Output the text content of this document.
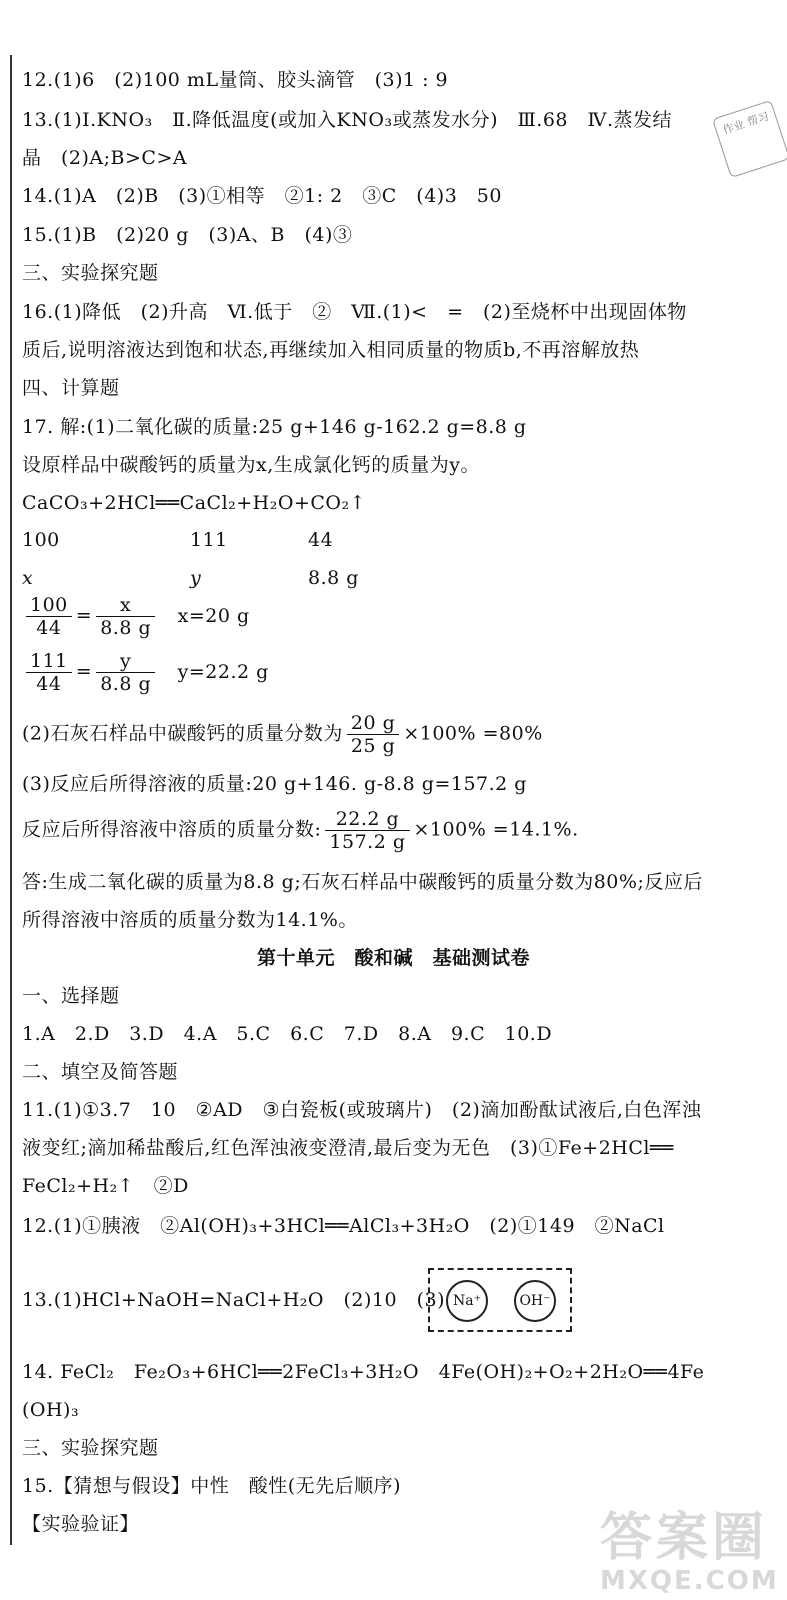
12.(1)6　(2)100 mL量筒、胶头滴管　(3)1 : 9
13.(1)Ⅰ.KNO₃　Ⅱ.降低温度(或加入KNO₃或蒸发水分)　Ⅲ.68　Ⅳ.蒸发结
晶　(2)A;B>C>A
14.(1)A　(2)B　(3)①相等　②1: 2　③C　(4)3　50
15.(1)B　(2)20 g　(3)A、B　(4)③
三、实验探究题
16.(1)降低　(2)升高　Ⅵ.低于　②　Ⅶ.(1)<　=　(2)至烧杯中出现固体物
质后,说明溶液达到饱和状态,再继续加入相同质量的物质b,不再溶解放热
四、计算题
17. 解:(1)二氧化碳的质量:25 g+146 g-162.2 g=8.8 g
设原样品中碳酸钙的质量为x,生成氯化钙的质量为y。
CaCO₃+2HCl══CaCl₂+H₂O+CO₂↑
100	111	44
x	y	8.8 g
$\frac{100}{44} = \frac{x}{8.8 g} x=20$ g
$\frac{111}{44} = \frac{y}{8.8 g} y=22.2$ g
(2)石灰石样品中碳酸钙的质量分数为 $\frac{20 g}{25 g} \times 100\% =80\%$
(3)反应后所得溶液的质量:20 g+146. g-8.8 g=157.2 g
反应后所得溶液中溶质的质量分数: $\frac{22.2 g}{157.2 g} \times 100\% =14.1\%$.
答:生成二氧化碳的质量为8.8 g;石灰石样品中碳酸钙的质量分数为80%;反应后
所得溶液中溶质的质量分数为14.1%。
第十单元　酸和碱　基础测试卷
一、选择题
1.A　2.D　3.D　4.A　5.C　6.C　7.D　8.A　9.C　10.D
二、填空及简答题
11.(1)①3.7　10　②AD　③白瓷板(或玻璃片)　(2)滴加酚酞试液后,白色浑浊
液变红;滴加稀盐酸后,红色浑浊液变澄清,最后变为无色　(3)①Fe+2HCl══
FeCl₂+H₂↑　②D
12.(1)①胰液　②Al(OH)₃+3HCl══AlCl₃+3H₂O　(2)①149　②NaCl
13.(1)HCl+NaOH=NaCl+H₂O　(2)10　(3) Na⁺	OH⁻
14. FeCl₂　Fe₂O₃+6HCl══2FeCl₃+3H₂O　4Fe(OH)₂+O₂+2H₂O══4Fe
(OH)₃
三、实验探究题
15.【猜想与假设】中性　酸性(无先后顺序)
【实验验证】
作业 帮习
答案圈
MXQE.COM
